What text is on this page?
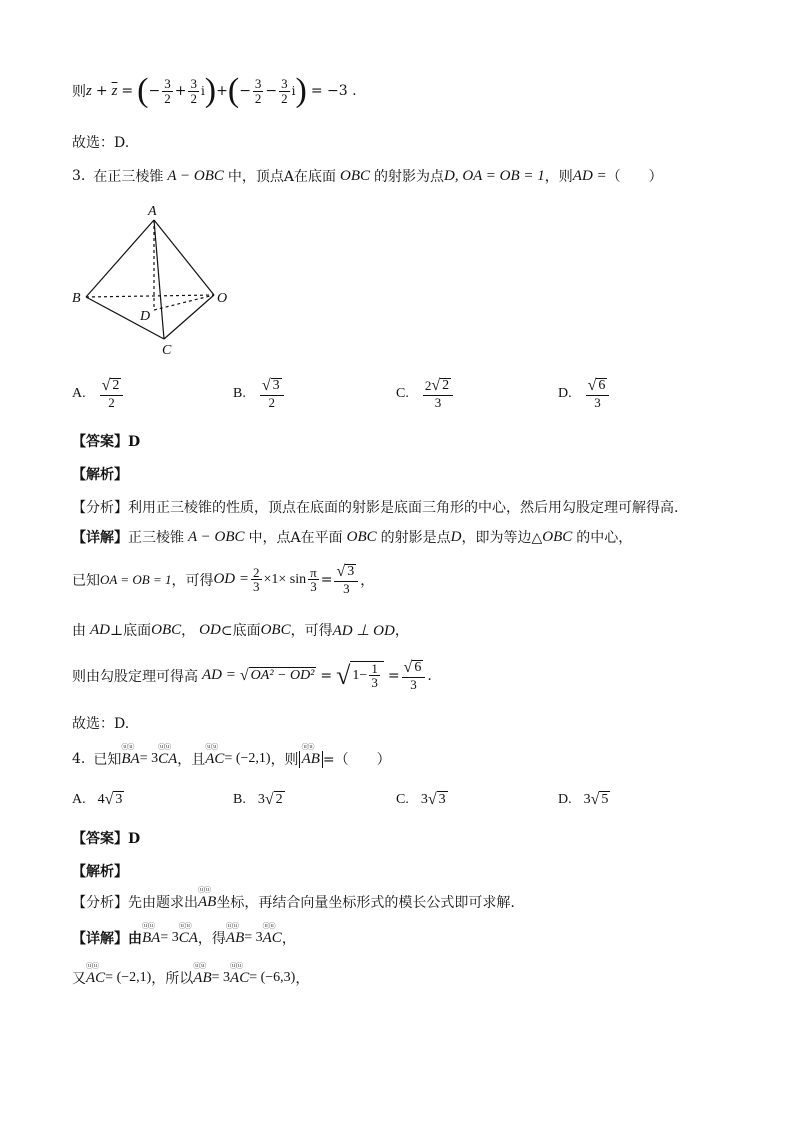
则 $z + \overline{z}$ = ( − $\frac{3}{2} + \frac{3}{2}$ i ) + ( − $\frac{3}{2} - \frac{3}{2}$ i ) = −3 .
故选：D.
3. 在正三棱锥 A − OBC 中，顶点A在底面 OBC 的射影为点 D, OA = OB = 1 ，则 AD = （　　）
A
B
C
D
O
A. $\frac{√ 2}{2}$	B. $\frac{√ 3}{2}$	C. $\frac{2 √ 2}{3}$	D. $\frac{√ 6}{3}$
【答案】D
【解析】
【分析】利用正三棱锥的性质，顶点在底面的射影是底面三角形的中心，然后用勾股定理可解得高.
【详解】 正三棱锥 A − OBC 中，点A在平面 OBC 的射影是点 D ，即为等边△ OBC 的中心，
已知 OA = OB = 1 ，可得 OD = $\frac{2}{3} \times 1\times \sin \frac{\pi}{3} = \frac{√ 3}{3}$ ，
由 AD ⊥底面 OBC ， OD ⊂底面 OBC ，可得 AD ⊥ OD ，
则由勾股定理可得高 AD = √ OA² − OD² = √ $1- \frac{1}{3} = \frac{√ 6}{3}$ .
故选：D.
4. 已知 ⓤⓤ BA = 3 ⓤⓤ CA ，且 ⓤⓤ AC = (−2,1) ，则 ⓤⓤ AB =（　　）
A. 4 √ 3	B. 3 √ 2	C. 3 √ 3	D. 3 √ 5
【答案】D
【解析】
【分析】先由题求出 ⓤⓤ AB 坐标，再结合向量坐标形式的模长公式即可求解.
【详解】由 ⓤⓤ BA = 3 ⓤⓤ CA ，得 ⓤⓤ AB = 3 ⓤⓤ AC ，
又 ⓤⓤ AC = (−2,1) ，所以 ⓤⓤ AB = 3 ⓤⓤ AC = (−6,3) ，
